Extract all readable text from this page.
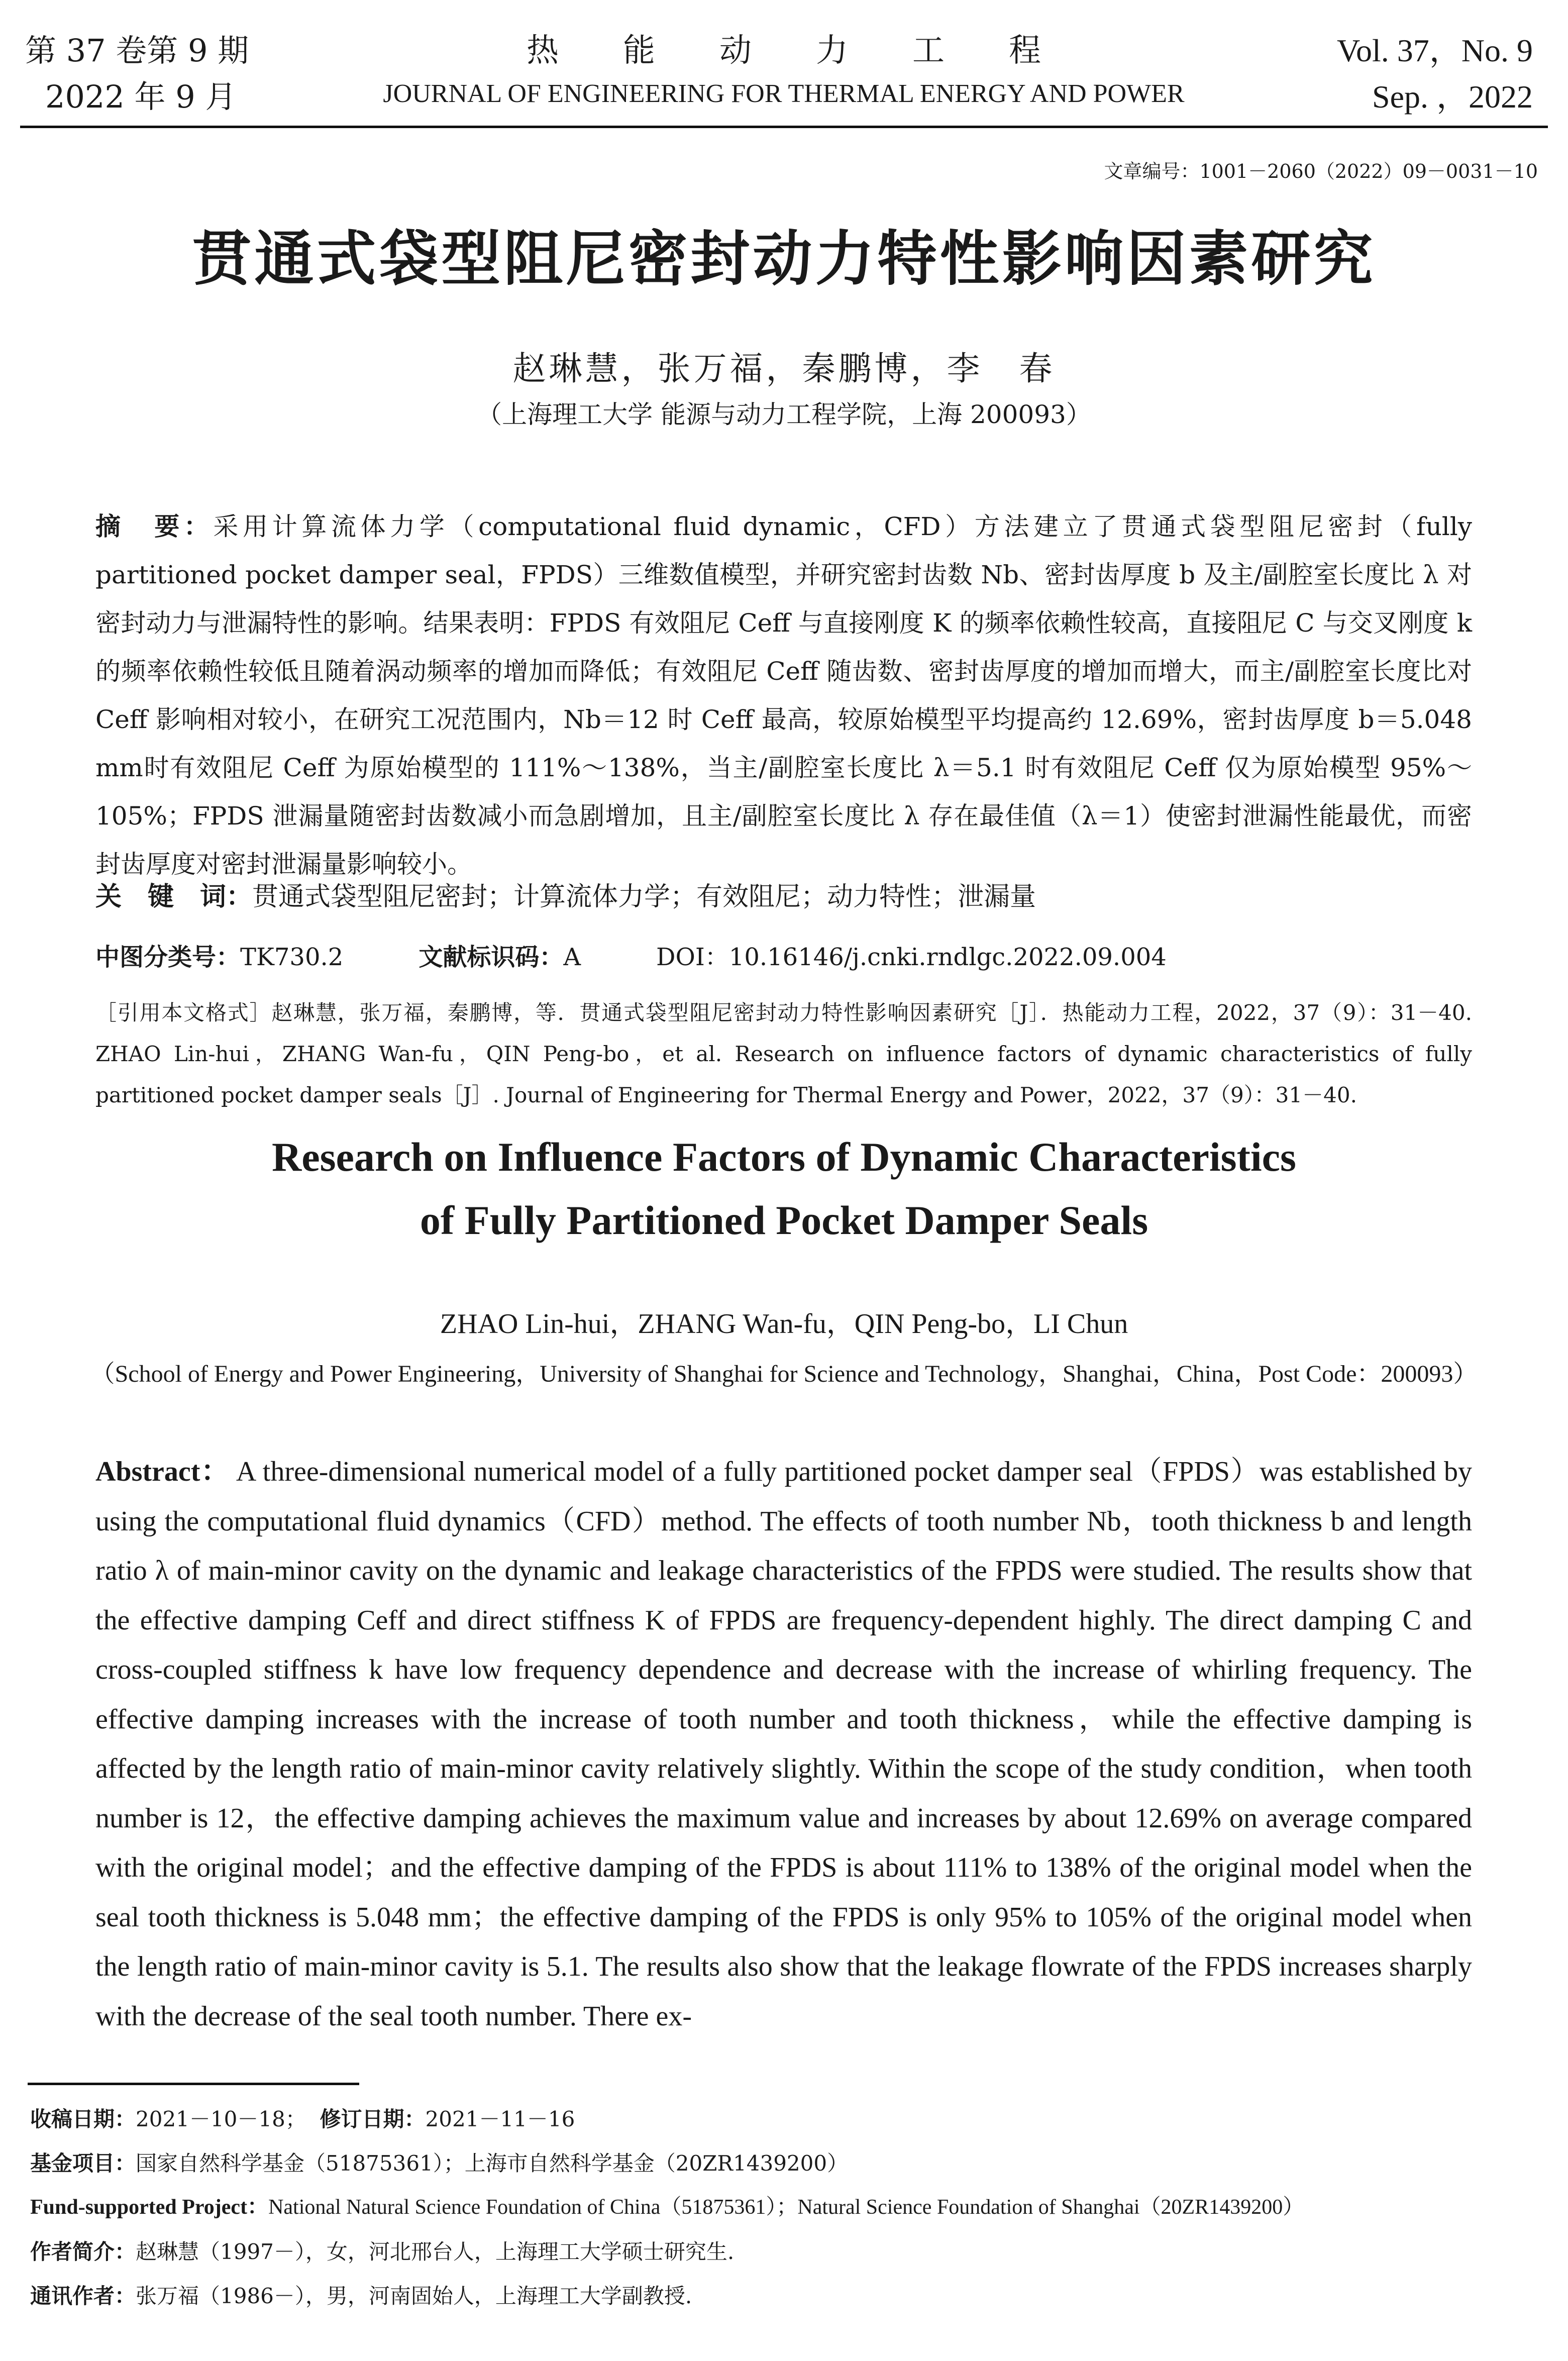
第 37 卷第 9 期
2022 年 9 月
热能动力工程
JOURNAL OF ENGINEERING FOR THERMAL ENERGY AND POWER
Vol. 37，No. 9
Sep. ，2022
文章编号：1001－2060（2022）09－0031－10
贯通式袋型阻尼密封动力特性影响因素研究
赵琳慧，张万福，秦鹏博，李　春
（上海理工大学 能源与动力工程学院，上海 200093）
摘　要：采用计算流体力学（computational fluid dynamic，CFD）方法建立了贯通式袋型阻尼密封（fully partitioned pocket damper seal，FPDS）三维数值模型，并研究密封齿数 Nb、密封齿厚度 b 及主/副腔室长度比 λ 对密封动力与泄漏特性的影响。结果表明：FPDS 有效阻尼 Ceff 与直接刚度 K 的频率依赖性较高，直接阻尼 C 与交叉刚度 k 的频率依赖性较低且随着涡动频率的增加而降低；有效阻尼 Ceff 随齿数、密封齿厚度的增加而增大，而主/副腔室长度比对 Ceff 影响相对较小，在研究工况范围内，Nb＝12 时 Ceff 最高，较原始模型平均提高约 12.69%，密封齿厚度 b＝5.048 mm时有效阻尼 Ceff 为原始模型的 111%～138%，当主/副腔室长度比 λ＝5.1 时有效阻尼 Ceff 仅为原始模型 95%～105%；FPDS 泄漏量随密封齿数减小而急剧增加，且主/副腔室长度比 λ 存在最佳值（λ＝1）使密封泄漏性能最优，而密封齿厚度对密封泄漏量影响较小。
关　键　词：贯通式袋型阻尼密封；计算流体力学；有效阻尼；动力特性；泄漏量
中图分类号：TK730.2	文献标识码：A	DOI：10.16146/j.cnki.rndlgc.2022.09.004
［引用本文格式］赵琳慧，张万福，秦鹏博，等．贯通式袋型阻尼密封动力特性影响因素研究［J］．热能动力工程，2022，37（9）：31－40. ZHAO Lin-hui，ZHANG Wan-fu，QIN Peng-bo，et al. Research on influence factors of dynamic characteristics of fully partitioned pocket damper seals［J］. Journal of Engineering for Thermal Energy and Power，2022，37（9）：31－40.
Research on Influence Factors of Dynamic Characteristics
of Fully Partitioned Pocket Damper Seals
ZHAO Lin-hui，ZHANG Wan-fu，QIN Peng-bo，LI Chun
（School of Energy and Power Engineering，University of Shanghai for Science and Technology，Shanghai，China，Post Code：200093）
Abstract： A three-dimensional numerical model of a fully partitioned pocket damper seal（FPDS）was established by using the computational fluid dynamics（CFD）method. The effects of tooth number Nb，tooth thickness b and length ratio λ of main-minor cavity on the dynamic and leakage characteristics of the FPDS were studied. The results show that the effective damping Ceff and direct stiffness K of FPDS are frequency-dependent highly. The direct damping C and cross-coupled stiffness k have low frequency dependence and decrease with the increase of whirling frequency. The effective damping increases with the increase of tooth number and tooth thickness，while the effective damping is affected by the length ratio of main-minor cavity relatively slightly. Within the scope of the study condition，when tooth number is 12，the effective damping achieves the maximum value and increases by about 12.69% on average compared with the original model；and the effective damping of the FPDS is about 111% to 138% of the original model when the seal tooth thickness is 5.048 mm；the effective damping of the FPDS is only 95% to 105% of the original model when the length ratio of main-minor cavity is 5.1. The results also show that the leakage flowrate of the FPDS increases sharply with the decrease of the seal tooth number. There ex-
收稿日期：2021－10－18； 修订日期：2021－11－16
基金项目：国家自然科学基金（51875361）；上海市自然科学基金（20ZR1439200）
Fund-supported Project：National Natural Science Foundation of China（51875361）；Natural Science Foundation of Shanghai（20ZR1439200）
作者简介：赵琳慧（1997－），女，河北邢台人，上海理工大学硕士研究生.
通讯作者：张万福（1986－），男，河南固始人，上海理工大学副教授.
